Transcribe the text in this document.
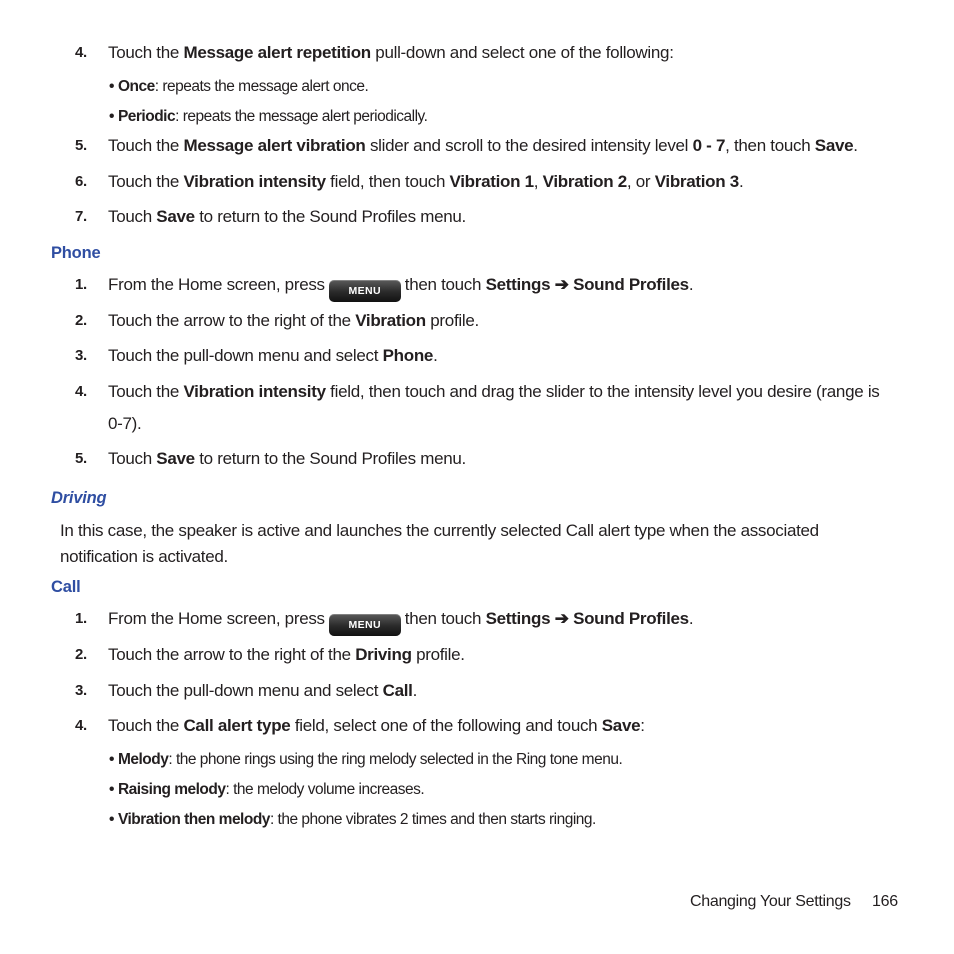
4. Touch the Message alert repetition pull-down and select one of the following:
• Once: repeats the message alert once.
• Periodic: repeats the message alert periodically.
5. Touch the Message alert vibration slider and scroll to the desired intensity level 0 - 7, then touch Save.
6. Touch the Vibration intensity field, then touch Vibration 1, Vibration 2, or Vibration 3.
7. Touch Save to return to the Sound Profiles menu.
Phone
1. From the Home screen, press MENU then touch Settings ➔ Sound Profiles.
2. Touch the arrow to the right of the Vibration profile.
3. Touch the pull-down menu and select Phone.
4. Touch the Vibration intensity field, then touch and drag the slider to the intensity level you desire (range is
0-7).
5. Touch Save to return to the Sound Profiles menu.
Driving
In this case, the speaker is active and launches the currently selected Call alert type when the associated
notification is activated.
Call
1. From the Home screen, press MENU then touch Settings ➔ Sound Profiles.
2. Touch the arrow to the right of the Driving profile.
3. Touch the pull-down menu and select Call.
4. Touch the Call alert type field, select one of the following and touch Save:
• Melody: the phone rings using the ring melody selected in the Ring tone menu.
• Raising melody: the melody volume increases.
• Vibration then melody: the phone vibrates 2 times and then starts ringing.
Changing Your Settings 166
